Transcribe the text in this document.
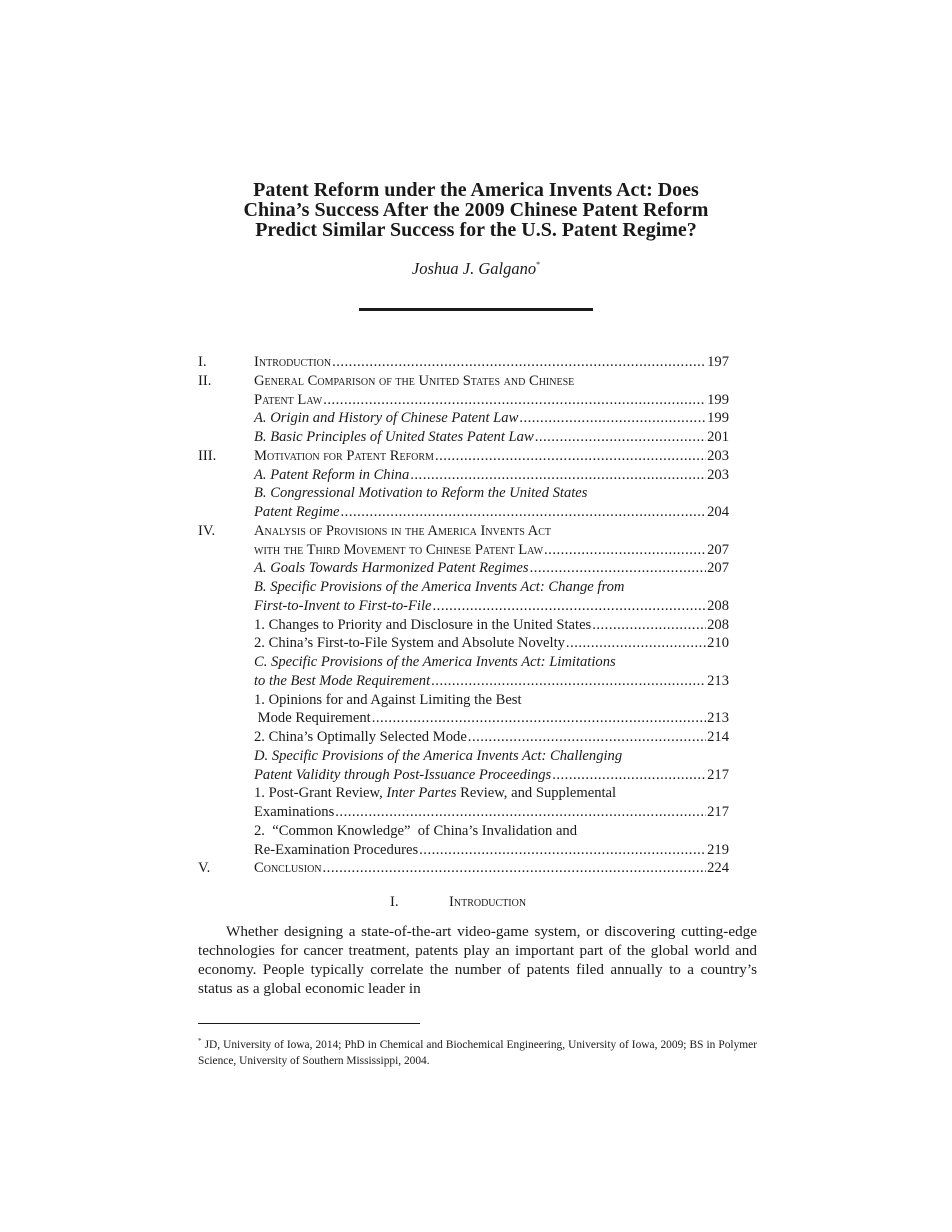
Patent Reform under the America Invents Act: Does
China’s Success After the 2009 Chinese Patent Reform
Predict Similar Success for the U.S. Patent Regime?
Joshua J. Galgano*
I.	Introduction .....	197
II.	General Comparison of the United States and Chinese
Patent Law .....	199
A. Origin and History of Chinese Patent Law .....	199
B. Basic Principles of United States Patent Law .....	201
III.	Motivation for Patent Reform .....	203
A. Patent Reform in China .....	203
B. Congressional Motivation to Reform the United States
Patent Regime .....	204
IV.	Analysis of Provisions in the America Invents Act
with the Third Movement to Chinese Patent Law .....	207
A. Goals Towards Harmonized Patent Regimes .....	207
B. Specific Provisions of the America Invents Act: Change from
First-to-Invent to First-to-File .....	208
1. Changes to Priority and Disclosure in the United States .....	208
2. China’s First-to-File System and Absolute Novelty .....	210
C. Specific Provisions of the America Invents Act: Limitations
to the Best Mode Requirement .....	213
1. Opinions for and Against Limiting the Best
Mode Requirement .....	213
2. China’s Optimally Selected Mode .....	214
D. Specific Provisions of the America Invents Act: Challenging
Patent Validity through Post-Issuance Proceedings .....	217
1. Post-Grant Review, Inter Partes Review, and Supplemental
Examinations .....	217
2.  “Common Knowledge”  of China’s Invalidation and
Re-Examination Procedures .....	219
V.	Conclusion .....	224
I.	Introduction

Whether designing a state-of-the-art video-game system, or discovering cutting-edge technologies for cancer treatment, patents play an important part of the global world and economy. People typically correlate the number of patents filed annually to a country’s status as a global economic leader in

* JD, University of Iowa, 2014; PhD in Chemical and Biochemical Engineering, University of Iowa, 2009; BS in Polymer Science, University of Southern Mississippi, 2004.
